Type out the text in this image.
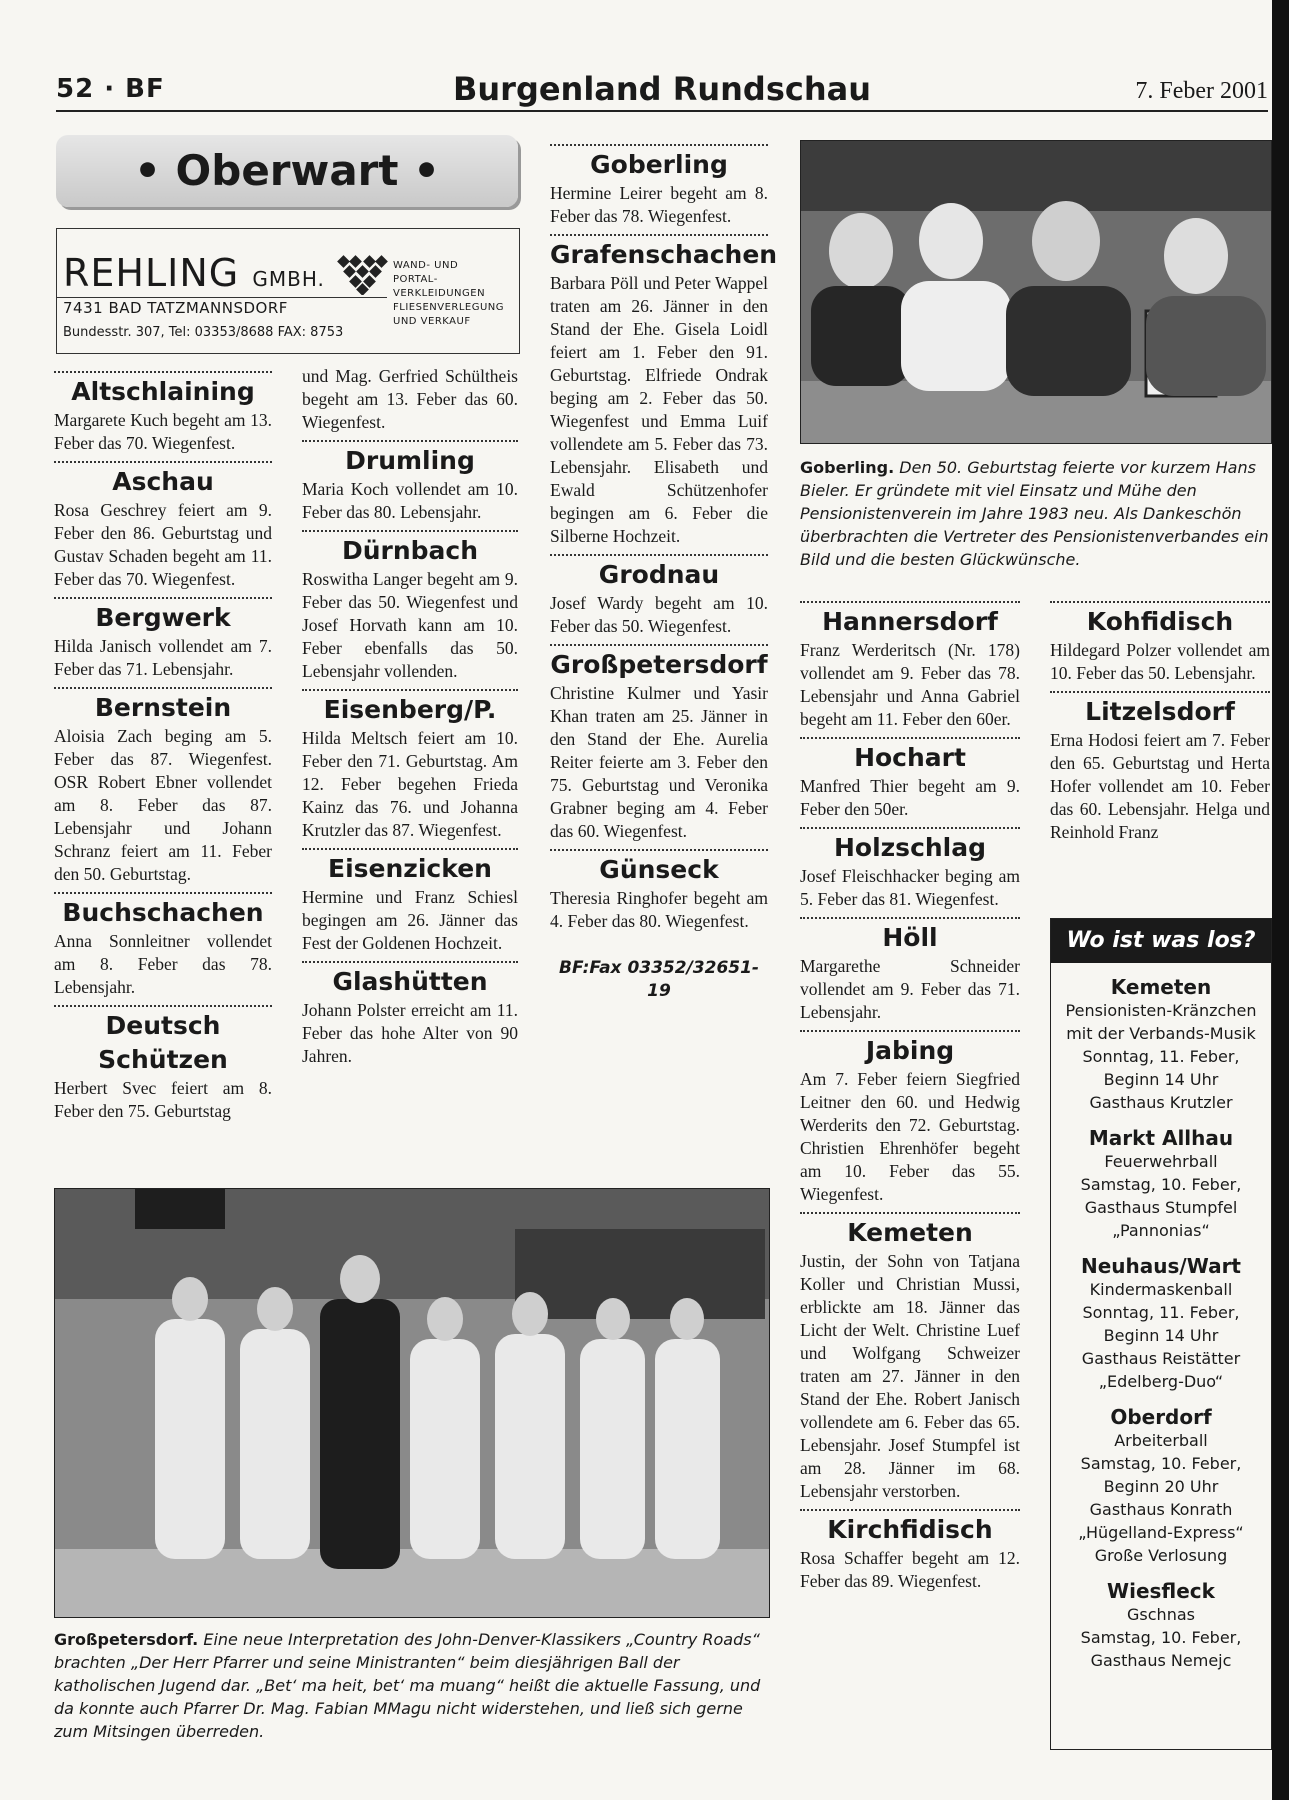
52 · BF	Burgenland Rundschau	7. Feber 2001
• Oberwart •
REHLING GMBH.
WAND- UND
PORTAL-
VERKLEIDUNGEN
FLIESENVERLEGUNG
UND VERKAUF
7431 BAD TATZMANNSDORF
Bundesstr. 307, Tel: 03353/8688 FAX: 8753

Altschlaining

Margarete Kuch begeht am 13. Feber das 70. Wiegenfest.

Aschau

Rosa Geschrey feiert am 9. Feber den 86. Geburtstag und Gustav Schaden begeht am 11. Feber das 70. Wiegenfest.

Bergwerk

Hilda Janisch vollendet am 7. Feber das 71. Lebensjahr.

Bernstein

Aloisia Zach beging am 5. Feber das 87. Wiegenfest. OSR Robert Ebner vollendet am 8. Feber das 87. Lebensjahr und Johann Schranz feiert am 11. Feber den 50. Geburtstag.

Buchschachen

Anna Sonnleitner vollendet am 8. Feber das 78. Lebensjahr.

Deutsch Schützen

Herbert Svec feiert am 8. Feber den 75. Geburtstag

und Mag. Gerfried Schültheis begeht am 13. Feber das 60. Wiegenfest.

Drumling

Maria Koch vollendet am 10. Feber das 80. Lebensjahr.

Dürnbach

Roswitha Langer begeht am 9. Feber das 50. Wiegenfest und Josef Horvath kann am 10. Feber ebenfalls das 50. Lebensjahr vollenden.

Eisenberg/P.

Hilda Meltsch feiert am 10. Feber den 71. Geburtstag. Am 12. Feber begehen Frieda Kainz das 76. und Johanna Krutzler das 87. Wiegenfest.

Eisenzicken

Hermine und Franz Schiesl begingen am 26. Jänner das Fest der Goldenen Hochzeit.

Glashütten

Johann Polster erreicht am 11. Feber das hohe Alter von 90 Jahren.

Goberling

Hermine Leirer begeht am 8. Feber das 78. Wiegenfest.

Grafenschachen

Barbara Pöll und Peter Wappel traten am 26. Jänner in den Stand der Ehe. Gisela Loidl feiert am 1. Feber den 91. Geburtstag. Elfriede Ondrak beging am 2. Feber das 50. Wiegenfest und Emma Luif vollendete am 5. Feber das 73. Lebensjahr. Elisabeth und Ewald Schützenhofer begingen am 6. Feber die Silberne Hochzeit.

Grodnau

Josef Wardy begeht am 10. Feber das 50. Wiegenfest.

Großpetersdorf

Christine Kulmer und Yasir Khan traten am 25. Jänner in den Stand der Ehe. Aurelia Reiter feierte am 3. Feber den 75. Geburtstag und Veronika Grabner beging am 4. Feber das 60. Wiegenfest.

Günseck

Theresia Ringhofer begeht am 4. Feber das 80. Wiegenfest.

BF:Fax 03352/32651-19

Goberling. Den 50. Geburtstag feierte vor kurzem Hans Bieler. Er gründete mit viel Einsatz und Mühe den Pensionistenverein im Jahre 1983 neu. Als Dankeschön überbrachten die Vertreter des Pensionistenverbandes ein Bild und die besten Glückwünsche.

Hannersdorf

Franz Werderitsch (Nr. 178) vollendet am 9. Feber das 78. Lebensjahr und Anna Gabriel begeht am 11. Feber den 60er.

Hochart

Manfred Thier begeht am 9. Feber den 50er.

Holzschlag

Josef Fleischhacker beging am 5. Feber das 81. Wiegenfest.

Höll

Margarethe Schneider vollendet am 9. Feber das 71. Lebensjahr.

Jabing

Am 7. Feber feiern Siegfried Leitner den 60. und Hedwig Werderits den 72. Geburtstag. Christien Ehrenhöfer begeht am 10. Feber das 55. Wiegenfest.

Kemeten

Justin, der Sohn von Tatjana Koller und Christian Mussi, erblickte am 18. Jänner das Licht der Welt. Christine Luef und Wolfgang Schweizer traten am 27. Jänner in den Stand der Ehe. Robert Janisch vollendete am 6. Feber das 65. Lebensjahr. Josef Stumpfel ist am 28. Jänner im 68. Lebensjahr verstorben.

Kirchfidisch

Rosa Schaffer begeht am 12. Feber das 89. Wiegenfest.

Kohfidisch

Hildegard Polzer vollendet am 10. Feber das 50. Lebensjahr.

Litzelsdorf

Erna Hodosi feiert am 7. Feber den 65. Geburtstag und Herta Hofer vollendet am 10. Feber das 60. Lebensjahr. Helga und Reinhold Franz

Wo ist was los?
Kemeten
Pensionisten-Kränzchen
mit der Verbands-Musik
Sonntag, 11. Feber,
Beginn 14 Uhr
Gasthaus Krutzler
Markt Allhau
Feuerwehrball
Samstag, 10. Feber,
Gasthaus Stumpfel
„Pannonias“
Neuhaus/Wart
Kindermaskenball
Sonntag, 11. Feber,
Beginn 14 Uhr
Gasthaus Reistätter
„Edelberg-Duo“
Oberdorf
Arbeiterball
Samstag, 10. Feber,
Beginn 20 Uhr
Gasthaus Konrath
„Hügelland-Express“
Große Verlosung
Wiesfleck
Gschnas
Samstag, 10. Feber,
Gasthaus Nemejc
Großpetersdorf. Eine neue Interpretation des John-Denver-Klassikers „Country Roads“ brachten „Der Herr Pfarrer und seine Ministranten“ beim diesjährigen Ball der katholischen Jugend dar. „Bet‘ ma heit, bet‘ ma muang“ heißt die aktuelle Fassung, und da konnte auch Pfarrer Dr. Mag. Fabian MMagu nicht widerstehen, und ließ sich gerne zum Mitsingen überreden.
